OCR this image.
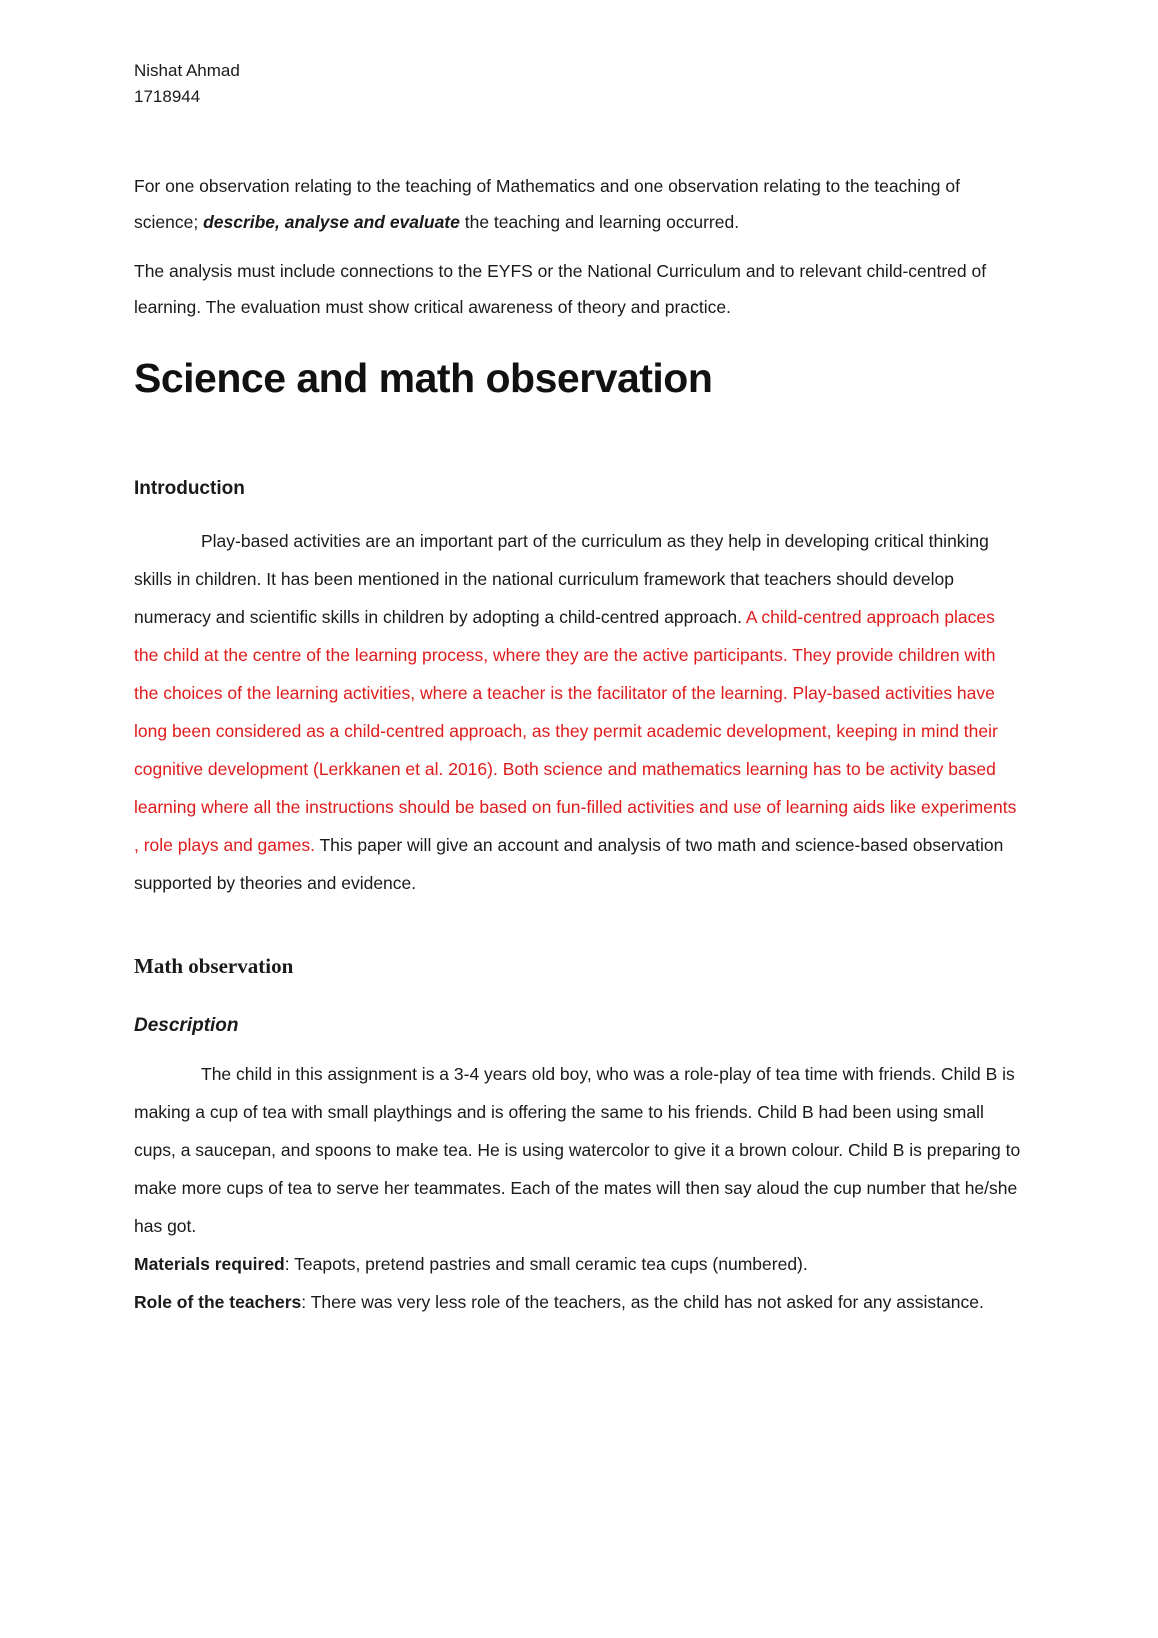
Nishat Ahmad
1718944

For one observation relating to the teaching of Mathematics and one observation relating to the teaching of science; describe, analyse and evaluate the teaching and learning occurred.

The analysis must include connections to the EYFS or the National Curriculum and to relevant child-centred of learning. The evaluation must show critical awareness of theory and practice.

Science and math observation
Introduction

Play-based activities are an important part of the curriculum as they help in developing critical thinking skills in children. It has been mentioned in the national curriculum framework that teachers should develop numeracy and scientific skills in children by adopting a child-centred approach. A child-centred approach places the child at the centre of the learning process, where they are the active participants. They provide children with the choices of the learning activities, where a teacher is the facilitator of the learning. Play-based activities have long been considered as a child-centred approach, as they permit academic development, keeping in mind their cognitive development (Lerkkanen et al. 2016). Both science and mathematics learning has to be activity based learning where all the instructions should be based on fun-filled activities and use of learning aids like experiments , role plays and games. This paper will give an account and analysis of two math and science-based observation supported by theories and evidence.

Math observation
Description

The child in this assignment is a 3-4 years old boy, who was a role-play of tea time with friends. Child B is making a cup of tea with small playthings and is offering the same to his friends. Child B had been using small cups, a saucepan, and spoons to make tea. He is using watercolor to give it a brown colour. Child B is preparing to make more cups of tea to serve her teammates. Each of the mates will then say aloud the cup number that he/she has got.

Materials required: Teapots, pretend pastries and small ceramic tea cups (numbered).

Role of the teachers: There was very less role of the teachers, as the child has not asked for any assistance.
